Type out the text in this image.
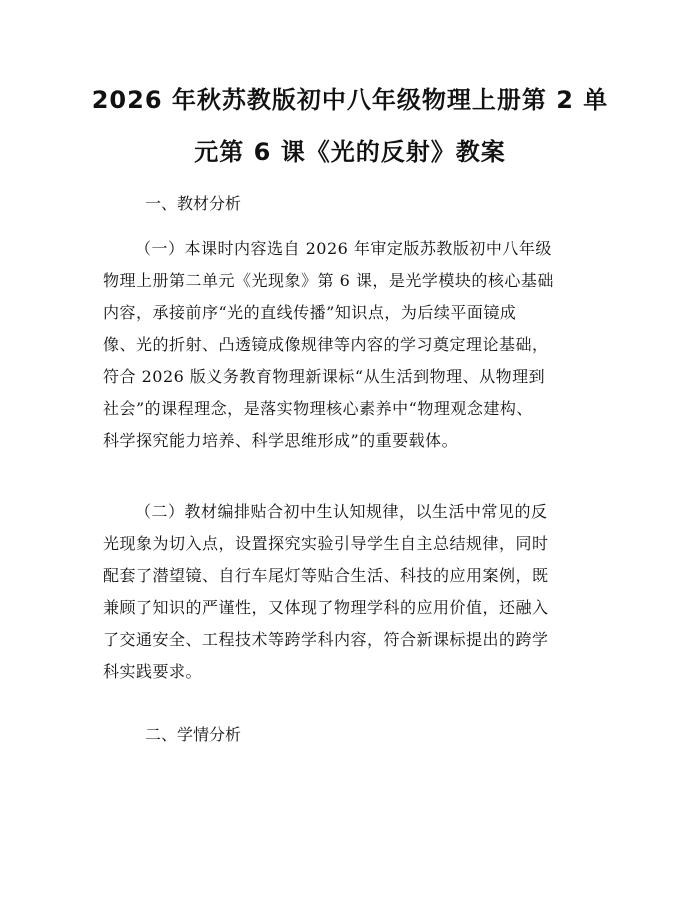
2026 年秋苏教版初中八年级物理上册第 2 单
元第 6 课《光的反射》教案
一、教材分析
（一）本课时内容选自 2026 年审定版苏教版初中八年级
物理上册第二单元《光现象》第 6 课，是光学模块的核心基础
内容，承接前序“光的直线传播”知识点，为后续平面镜成
像、光的折射、凸透镜成像规律等内容的学习奠定理论基础，
符合 2026 版义务教育物理新课标“从生活到物理、从物理到
社会”的课程理念，是落实物理核心素养中“物理观念建构、
科学探究能力培养、科学思维形成”的重要载体。
（二）教材编排贴合初中生认知规律，以生活中常见的反
光现象为切入点，设置探究实验引导学生自主总结规律，同时
配套了潜望镜、自行车尾灯等贴合生活、科技的应用案例，既
兼顾了知识的严谨性，又体现了物理学科的应用价值，还融入
了交通安全、工程技术等跨学科内容，符合新课标提出的跨学
科实践要求。
二、学情分析
